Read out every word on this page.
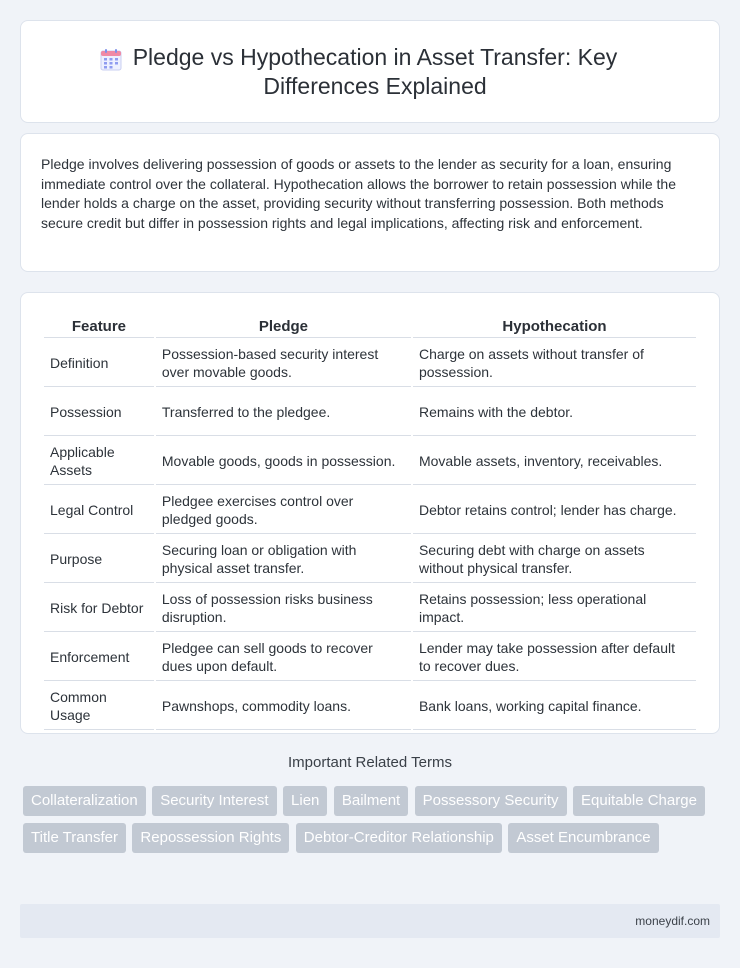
Pledge vs Hypothecation in Asset Transfer: Key Differences Explained

Pledge involves delivering possession of goods or assets to the lender as security for a loan, ensuring immediate control over the collateral. Hypothecation allows the borrower to retain possession while the lender holds a charge on the asset, providing security without transferring possession. Both methods secure credit but differ in possession rights and legal implications, affecting risk and enforcement.

Feature	Pledge	Hypothecation
Definition	Possession-based security interest over movable goods.	Charge on assets without transfer of possession.
Possession	Transferred to the pledgee.	Remains with the debtor.
Applicable Assets	Movable goods, goods in possession.	Movable assets, inventory, receivables.
Legal Control	Pledgee exercises control over pledged goods.	Debtor retains control; lender has charge.
Purpose	Securing loan or obligation with physical asset transfer.	Securing debt with charge on assets without physical transfer.
Risk for Debtor	Loss of possession risks business disruption.	Retains possession; less operational impact.
Enforcement	Pledgee can sell goods to recover dues upon default.	Lender may take possession after default to recover dues.
Common Usage	Pawnshops, commodity loans.	Bank loans, working capital finance.
Important Related Terms
Collateralization Security Interest Lien Bailment Possessory Security Equitable Charge Title Transfer Repossession Rights Debtor-Creditor Relationship Asset Encumbrance
moneydif.com
